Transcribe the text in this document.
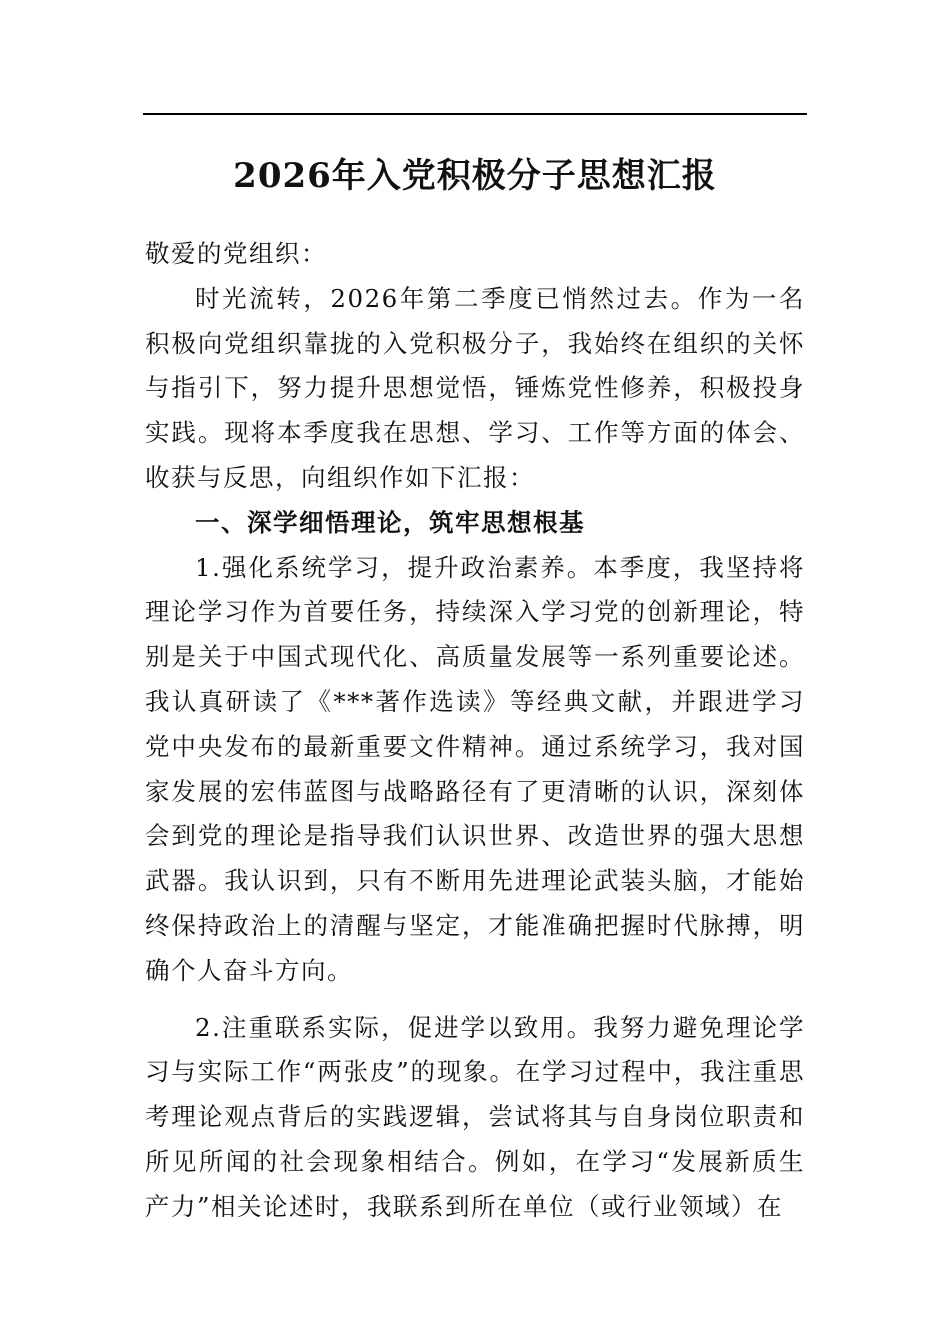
2026年入党积极分子思想汇报

敬爱的党组织：

时光流转，2026年第二季度已悄然过去。作为一名积极向党组织靠拢的入党积极分子，我始终在组织的关怀与指引下，努力提升思想觉悟，锤炼党性修养，积极投身实践。现将本季度我在思想、学习、工作等方面的体会、收获与反思，向组织作如下汇报：

一、深学细悟理论，筑牢思想根基

1.强化系统学习，提升政治素养。本季度，我坚持将理论学习作为首要任务，持续深入学习党的创新理论，特别是关于中国式现代化、高质量发展等一系列重要论述。我认真研读了《***著作选读》等经典文献，并跟进学习党中央发布的最新重要文件精神。通过系统学习，我对国家发展的宏伟蓝图与战略路径有了更清晰的认识，深刻体会到党的理论是指导我们认识世界、改造世界的强大思想武器。我认识到，只有不断用先进理论武装头脑，才能始终保持政治上的清醒与坚定，才能准确把握时代脉搏，明确个人奋斗方向。

2.注重联系实际，促进学以致用。我努力避免理论学习与实际工作“两张皮”的现象。在学习过程中，我注重思考理论观点背后的实践逻辑，尝试将其与自身岗位职责和所见所闻的社会现象相结合。例如，在学习“发展新质生产力”相关论述时，我联系到所在单位（或行业领域）在
